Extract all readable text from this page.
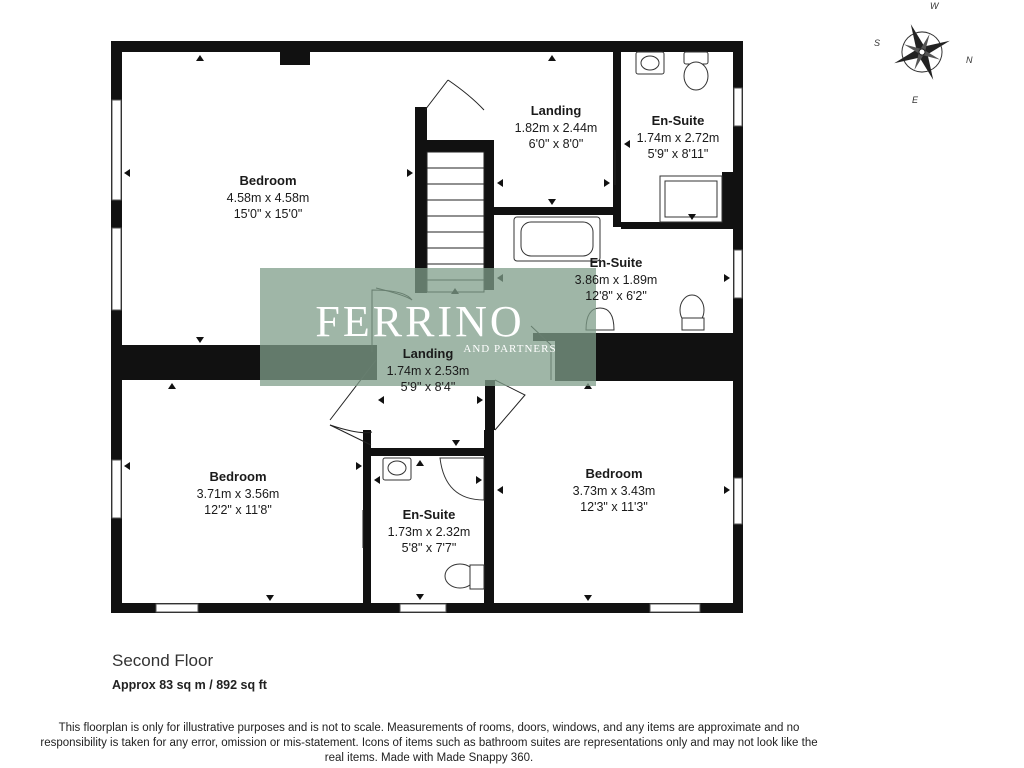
FERRINO
AND PARTNERS
Bedroom
4.58m x 4.58m
15'0" x 15'0"
Landing
1.82m x 2.44m
6'0" x 8'0"
En-Suite
1.74m x 2.72m
5'9" x 8'11"
En-Suite
3.86m x 1.89m
12'8" x 6'2"
Landing
1.74m x 2.53m
5'9" x 8'4"
Bedroom
3.71m x 3.56m
12'2" x 11'8"	En-Suite
1.73m x 2.32m
5'8" x 7'7"
Bedroom
3.73m x 3.43m
12'3" x 11'3"
W
N
E
S
Second Floor
Approx 83 sq m / 892 sq ft
This floorplan is only for illustrative purposes and is not to scale. Measurements of rooms, doors, windows, and any items are approximate and no responsibility is taken for any error, omission or mis-statement. Icons of items such as bathroom suites are representations only and may not look like the real items. Made with Made Snappy 360.
